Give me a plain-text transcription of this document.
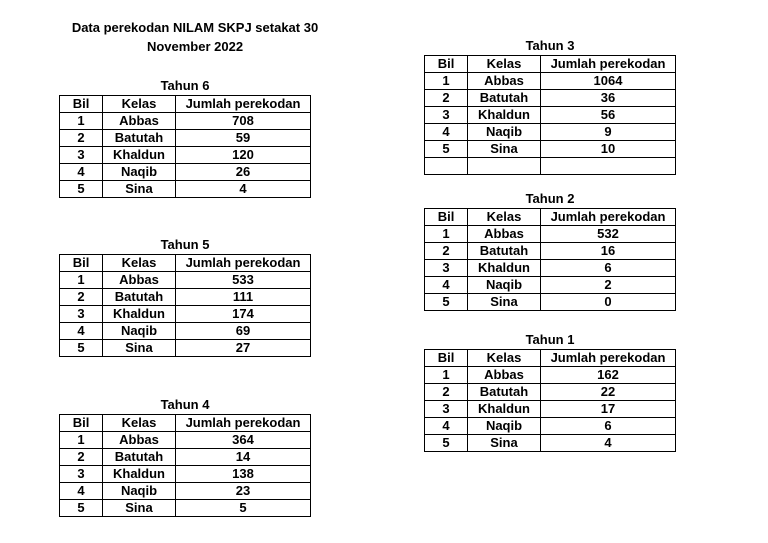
Data perekodan NILAM SKPJ setakat 30 November 2022
Tahun 6
Bil	Kelas	Jumlah perekodan
1	Abbas	708
2	Batutah	59
3	Khaldun	120
4	Naqib	26
5	Sina	4
Tahun 5
Bil	Kelas	Jumlah perekodan
1	Abbas	533
2	Batutah	111
3	Khaldun	174
4	Naqib	69
5	Sina	27
Tahun 4
Bil	Kelas	Jumlah perekodan
1	Abbas	364
2	Batutah	14
3	Khaldun	138
4	Naqib	23
5	Sina	5
Tahun 3
Bil	Kelas	Jumlah perekodan
1	Abbas	1064
2	Batutah	36
3	Khaldun	56
4	Naqib	9
5	Sina	10

Tahun 2
Bil	Kelas	Jumlah perekodan
1	Abbas	532
2	Batutah	16
3	Khaldun	6
4	Naqib	2
5	Sina	0
Tahun 1
Bil	Kelas	Jumlah perekodan
1	Abbas	162
2	Batutah	22
3	Khaldun	17
4	Naqib	6
5	Sina	4
